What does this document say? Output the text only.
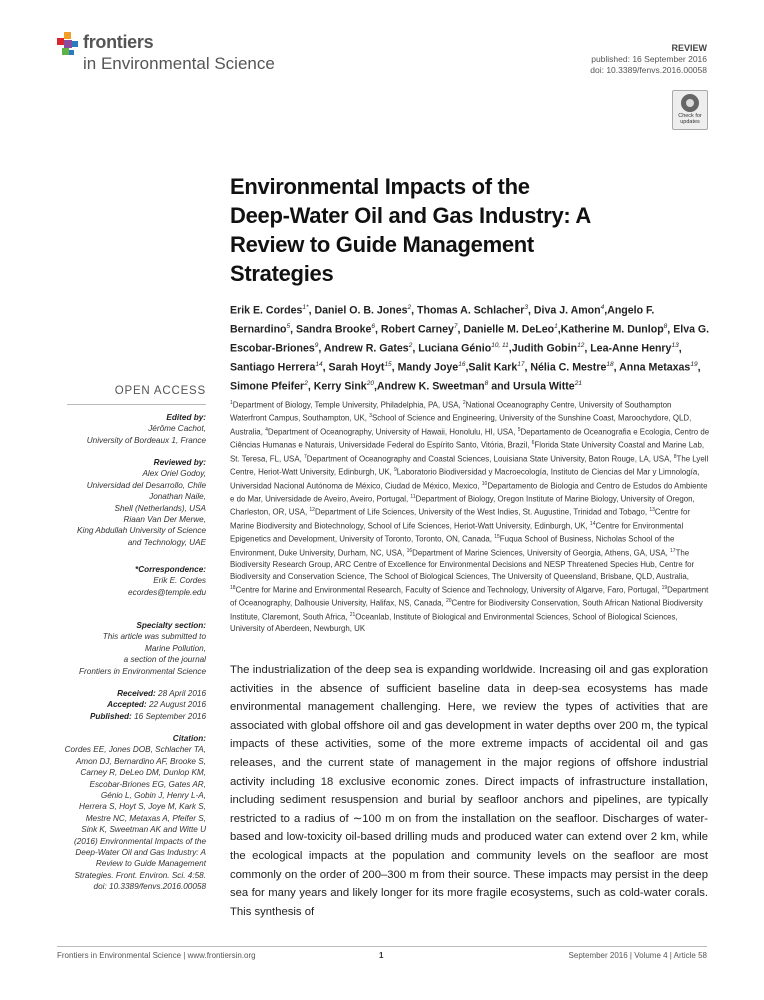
frontiers
in Environmental Science
REVIEW
published: 16 September 2016
doi: 10.3389/fenvs.2016.00058
Check for
updates
Environmental Impacts of the
Deep-Water Oil and Gas Industry: A
Review to Guide Management
Strategies
Erik E. Cordes$^{1*}$, Daniel O. B. Jones$^2$, Thomas A. Schlacher$^3$, Diva J. Amon$^4$,Angelo F. Bernardino$^5$, Sandra Brooke$^6$, Robert Carney$^7$, Danielle M. DeLeo$^1$,Katherine M. Dunlop$^8$, Elva G. Escobar-Briones$^9$, Andrew R. Gates$^2$, Luciana Génio$^{10, 11}$,Judith Gobin$^{12}$, Lea-Anne Henry$^{13}$, Santiago Herrera$^{14}$, Sarah Hoyt$^{15}$, Mandy Joye$^{16}$,Salit Kark$^{17}$, Nélia C. Mestre$^{18}$, Anna Metaxas$^{19}$, Simone Pfeifer$^2$, Kerry Sink$^{20}$,Andrew K. Sweetman$^8$ and Ursula Witte$^{21}$
$^1$Department of Biology, Temple University, Philadelphia, PA, USA, $^2$National Oceanography Centre, University of Southampton Waterfront Campus, Southampton, UK, $^3$School of Science and Engineering, University of the Sunshine Coast, Maroochydore, QLD, Australia, $^4$Department of Oceanography, University of Hawaii, Honolulu, HI, USA, $^5$Departamento de Oceanografia e Ecologia, Centro de Ciências Humanas e Naturais, Universidade Federal do Espírito Santo, Vitória, Brazil, $^6$Florida State University Coastal and Marine Lab, St. Teresa, FL, USA, $^7$Department of Oceanography and Coastal Sciences, Louisiana State University, Baton Rouge, LA, USA, $^8$The Lyell Centre, Heriot-Watt University, Edinburgh, UK, $^9$Laboratorio Biodiversidad y Macroecología, Instituto de Ciencias del Mar y Limnología, Universidad Nacional Autónoma de México, Ciudad de México, Mexico, $^{10}$Departamento de Biologia and Centro de Estudos do Ambiente e do Mar, Universidade de Aveiro, Aveiro, Portugal, $^{11}$Department of Biology, Oregon Institute of Marine Biology, University of Oregon, Charleston, OR, USA, $^{12}$Department of Life Sciences, University of the West Indies, St. Augustine, Trinidad and Tobago, $^{13}$Centre for Marine Biodiversity and Biotechnology, School of Life Sciences, Heriot-Watt University, Edinburgh, UK, $^{14}$Centre for Environmental Epigenetics and Development, University of Toronto, Toronto, ON, Canada, $^{15}$Fuqua School of Business, Nicholas School of the Environment, Duke University, Durham, NC, USA, $^{16}$Department of Marine Sciences, University of Georgia, Athens, GA, USA, $^{17}$The Biodiversity Research Group, ARC Centre of Excellence for Environmental Decisions and NESP Threatened Species Hub, Centre for Biodiversity and Conservation Science, The School of Biological Sciences, The University of Queensland, Brisbane, QLD, Australia, $^{18}$Centre for Marine and Environmental Research, Faculty of Science and Technology, University of Algarve, Faro, Portugal, $^{19}$Department of Oceanography, Dalhousie University, Halifax, NS, Canada, $^{20}$Centre for Biodiversity Conservation, South African National Biodiversity Institute, Claremont, South Africa, $^{21}$Oceanlab, Institute of Biological and Environmental Sciences, School of Biological Sciences, University of Aberdeen, Newburgh, UK
The industrialization of the deep sea is expanding worldwide. Increasing oil and gas exploration activities in the absence of sufficient baseline data in deep-sea ecosystems has made environmental management challenging. Here, we review the types of activities that are associated with global offshore oil and gas development in water depths over 200 m, the typical impacts of these activities, some of the more extreme impacts of accidental oil and gas releases, and the current state of management in the major regions of offshore industrial activity including 18 exclusive economic zones. Direct impacts of infrastructure installation, including sediment resuspension and burial by seafloor anchors and pipelines, are typically restricted to a radius of ∼100 m on from the installation on the seafloor. Discharges of water-based and low-toxicity oil-based drilling muds and produced water can extend over 2 km, while the ecological impacts at the population and community levels on the seafloor are most commonly on the order of 200–300 m from their source. These impacts may persist in the deep sea for many years and likely longer for its more fragile ecosystems, such as cold-water corals. This synthesis of
OPEN ACCESS
Edited by:
Jérôme Cachot,
University of Bordeaux 1, France
Reviewed by:
Alex Oriel Godoy,
Universidad del Desarrollo, Chile
Jonathan Naile,
Shell (Netherlands), USA
Riaan Van Der Merwe,
King Abdullah University of Science
and Technology, UAE
*Correspondence:
Erik E. Cordes
ecordes@temple.edu
Specialty section:
This article was submitted to
Marine Pollution,
a section of the journal
Frontiers in Environmental Science
Received: 28 April 2016
Accepted: 22 August 2016
Published: 16 September 2016
Citation:
Cordes EE, Jones DOB, Schlacher TA,
Amon DJ, Bernardino AF, Brooke S,
Carney R, DeLeo DM, Dunlop KM,
Escobar-Briones EG, Gates AR,
Génio L, Gobin J, Henry L-A,
Herrera S, Hoyt S, Joye M, Kark S,
Mestre NC, Metaxas A, Pfeifer S,
Sink K, Sweetman AK and Witte U
(2016) Environmental Impacts of the
Deep-Water Oil and Gas Industry: A
Review to Guide Management
Strategies. Front. Environ. Sci. 4:58.
doi: 10.3389/fenvs.2016.00058
Frontiers in Environmental Science | www.frontiersin.org	1	September 2016 | Volume 4 | Article 58
